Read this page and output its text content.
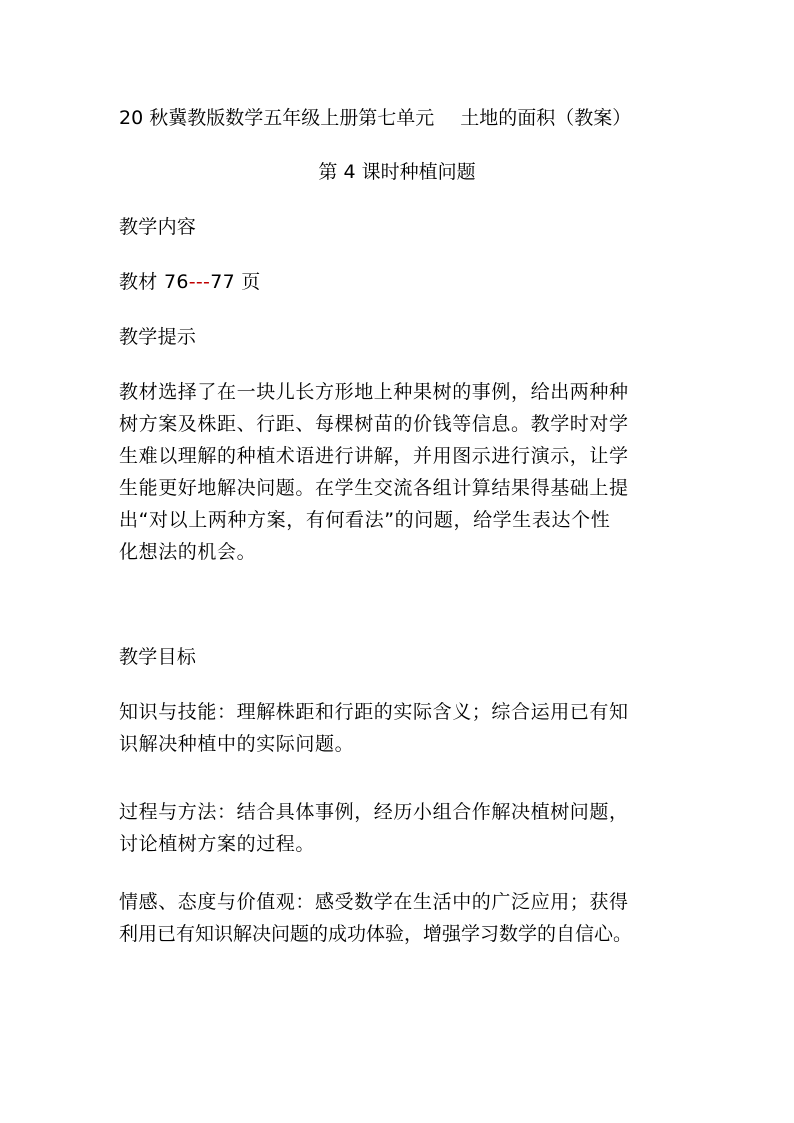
20 秋冀教版数学五年级上册第七单元 土地的面积（教案）
第 4 课时种植问题
教学内容
教材 76---77 页
教学提示
教材选择了在一块儿长方形地上种果树的事例，给出两种种
树方案及株距、行距、每棵树苗的价钱等信息。教学时对学
生难以理解的种植术语进行讲解，并用图示进行演示，让学
生能更好地解决问题。在学生交流各组计算结果得基础上提
出“对以上两种方案，有何看法”的问题，给学生表达个性
化想法的机会。
教学目标
知识与技能：理解株距和行距的实际含义；综合运用已有知
识解决种植中的实际问题。
过程与方法：结合具体事例，经历小组合作解决植树问题，
讨论植树方案的过程。
情感、态度与价值观：感受数学在生活中的广泛应用；获得
利用已有知识解决问题的成功体验，增强学习数学的自信心。
